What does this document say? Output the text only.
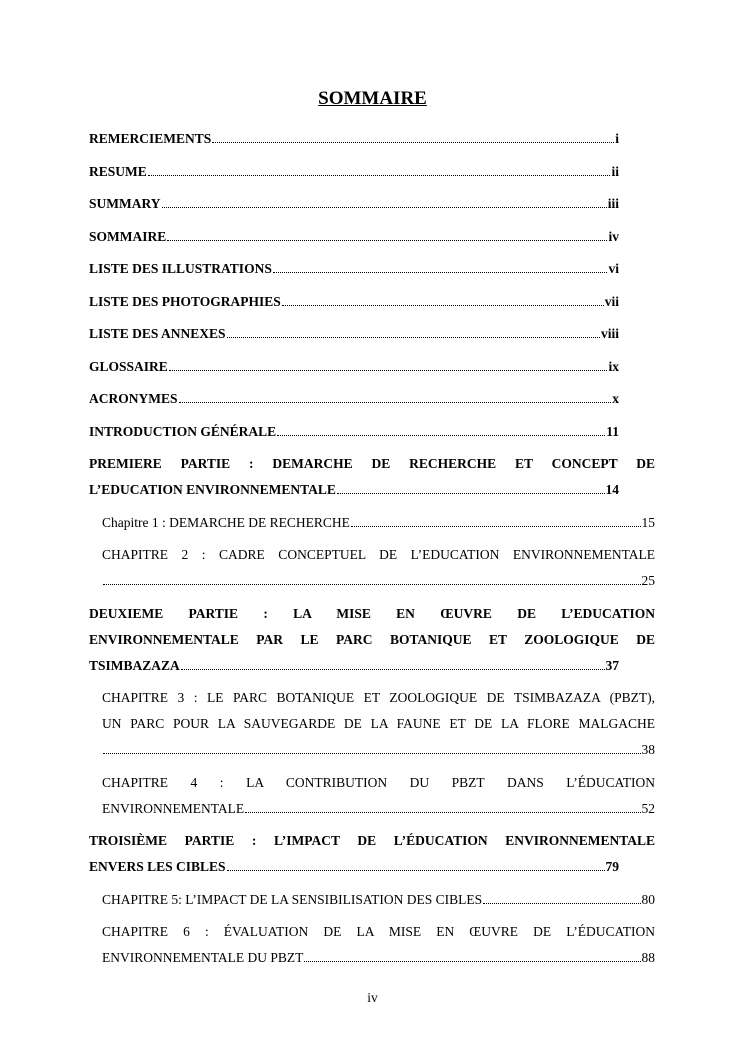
SOMMAIRE
REMERCIEMENTS	i
RESUME	ii
SUMMARY	iii
SOMMAIRE	iv
LISTE DES ILLUSTRATIONS	vi
LISTE DES PHOTOGRAPHIES	vii
LISTE DES ANNEXES	viii
GLOSSAIRE	ix
ACRONYMES	x
INTRODUCTION GÉNÉRALE	11
PREMIERE PARTIE : DEMARCHE DE RECHERCHE ET CONCEPT DE
L’EDUCATION ENVIRONNEMENTALE	14
Chapitre 1 : DEMARCHE DE RECHERCHE	15
CHAPITRE 2 : CADRE CONCEPTUEL DE L’EDUCATION ENVIRONNEMENTALE
25
DEUXIEME PARTIE : LA MISE EN ŒUVRE DE L’EDUCATION
ENVIRONNEMENTALE PAR LE PARC BOTANIQUE ET ZOOLOGIQUE DE
TSIMBAZAZA	37
CHAPITRE 3 : LE PARC BOTANIQUE ET ZOOLOGIQUE DE TSIMBAZAZA (PBZT),
UN PARC POUR LA SAUVEGARDE DE LA FAUNE ET DE LA FLORE MALGACHE
38
CHAPITRE 4 : LA CONTRIBUTION DU PBZT DANS L’ÉDUCATION
ENVIRONNEMENTALE	52
TROISIÈME PARTIE : L’IMPACT DE L’ÉDUCATION ENVIRONNEMENTALE
ENVERS LES CIBLES	79
CHAPITRE 5: L’IMPACT DE LA SENSIBILISATION DES CIBLES	80
CHAPITRE 6 : ÉVALUATION DE LA MISE EN ŒUVRE DE L’ÉDUCATION
ENVIRONNEMENTALE DU PBZT	88
iv
